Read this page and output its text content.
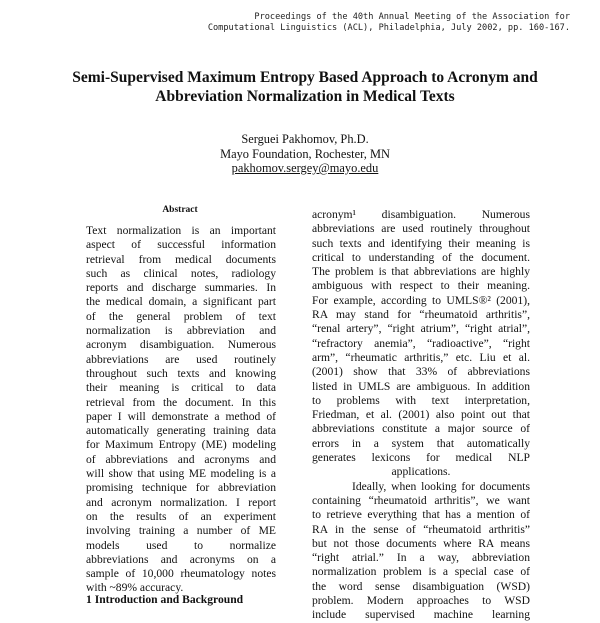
Proceedings of the 40th Annual Meeting of the Association for
Computational Linguistics (ACL), Philadelphia, July 2002, pp. 160-167.
Semi-Supervised Maximum Entropy Based Approach to Acronym and
Abbreviation Normalization in Medical Texts
Serguei Pakhomov, Ph.D.
Mayo Foundation, Rochester, MN
pakhomov.sergey@mayo.edu
Abstract
Text normalization is an important
aspect of successful information
retrieval from medical documents
such as clinical notes, radiology
reports and discharge summaries. In
the medical domain, a significant part
of the general problem of text
normalization is abbreviation and
acronym disambiguation. Numerous
abbreviations are used routinely
throughout such texts and knowing
their meaning is critical to data
retrieval from the document. In this
paper I will demonstrate a method of
automatically generating training data
for Maximum Entropy (ME) modeling
of abbreviations and acronyms and
will show that using ME modeling is a
promising technique for abbreviation
and acronym normalization. I report
on the results of an experiment
involving training a number of ME
models used to normalize
abbreviations and acronyms on a
sample of 10,000 rheumatology notes
with ~89% accuracy.
1 Introduction and Background
acronym¹ disambiguation. Numerous
abbreviations are used routinely throughout
such texts and identifying their meaning is
critical to understanding of the document.
The problem is that abbreviations are highly
ambiguous with respect to their meaning.
For example, according to UMLS®² (2001),
RA may stand for “rheumatoid arthritis”,
“renal artery”, “right atrium”, “right atrial”,
“refractory anemia”, “radioactive”, “right
arm”, “rheumatic arthritis,” etc. Liu et al.
(2001) show that 33% of abbreviations
listed in UMLS are ambiguous. In addition
to problems with text interpretation,
Friedman, et al. (2001) also point out that
abbreviations constitute a major source of
errors in a system that automatically
generates lexicons for medical NLP
applications.
Ideally, when looking for documents
containing “rheumatoid arthritis”, we want
to retrieve everything that has a mention of
RA in the sense of “rheumatoid arthritis”
but not those documents where RA means
“right atrial.” In a way, abbreviation
normalization problem is a special case of
the word sense disambiguation (WSD)
problem. Modern approaches to WSD
include supervised machine learning
